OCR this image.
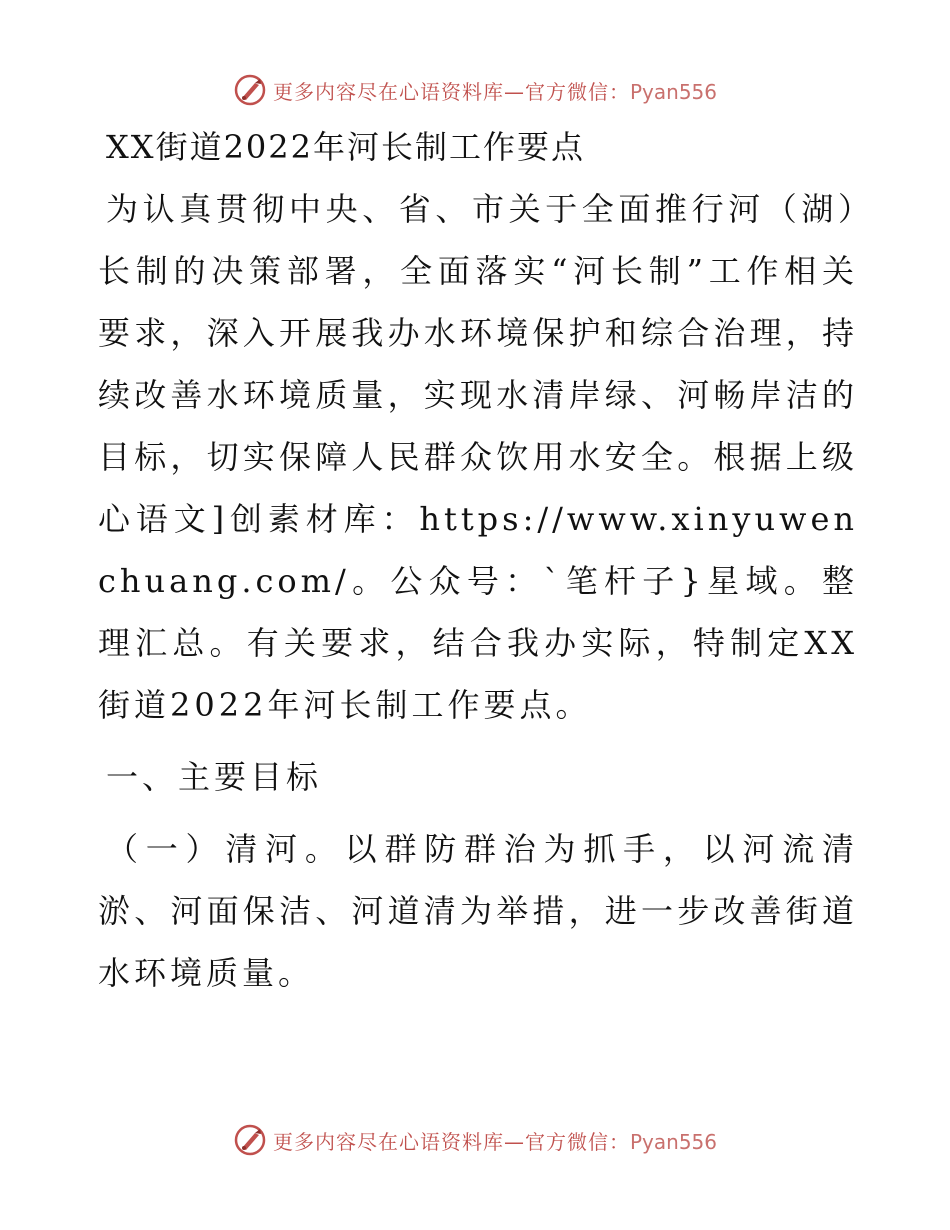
更多内容尽在心语资料库—官方微信：Pyan556
XX街道2022年河长制工作要点

为认真贯彻中央、省、市关于全面推行河（湖）长制的决策部署，全面落实“河长制”工作相关要求，深入开展我办水环境保护和综合治理，持续改善水环境质量，实现水清岸绿、河畅岸洁的目标，切实保障人民群众饮用水安全。根据上级心语文]创素材库：https://www.xinyuwenchuang.com/。公众号：`笔杆子}星域。整理汇总。有关要求，结合我办实际，特制定XX街道2022年河长制工作要点。

一、主要目标

（一）清河。以群防群治为抓手，以河流清淤、河面保洁、河道清为举措，进一步改善街道水环境质量。

更多内容尽在心语资料库—官方微信：Pyan556
